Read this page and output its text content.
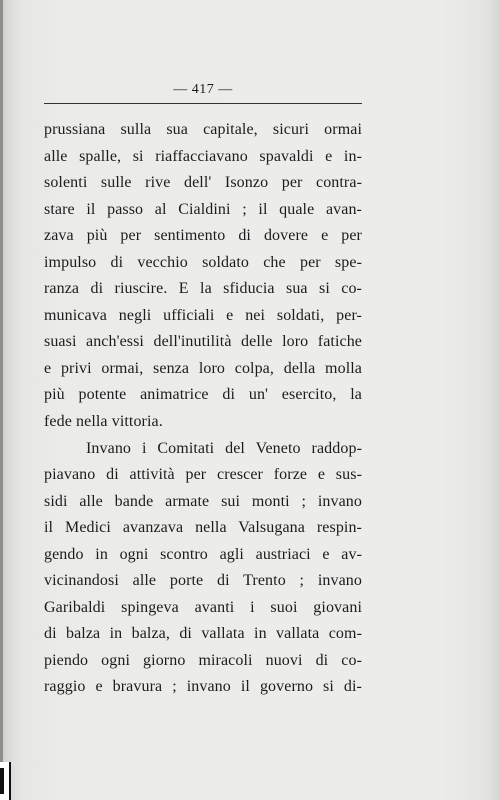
— 417 —
prussiana sulla sua capitale, sicuri ormai
alle spalle, si riaffacciavano spavaldi e in-
solenti sulle rive dell' Isonzo per contra-
stare il passo al Cialdini ; il quale avan-
zava più per sentimento di dovere e per
impulso di vecchio soldato che per spe-
ranza di riuscire. E la sfiducia sua si co-
municava negli ufficiali e nei soldati, per-
suasi anch'essi dell'inutilità delle loro fatiche
e privi ormai, senza loro colpa, della molla
più potente animatrice di un' esercito, la
fede nella vittoria.
Invano i Comitati del Veneto raddop-
piavano di attività per crescer forze e sus-
sidi alle bande armate sui monti ; invano
il Medici avanzava nella Valsugana respin-
gendo in ogni scontro agli austriaci e av-
vicinandosi alle porte di Trento ; invano
Garibaldi spingeva avanti i suoi giovani
di balza in balza, di vallata in vallata com-
piendo ogni giorno miracoli nuovi di co-
raggio e bravura ; invano il governo si di-
